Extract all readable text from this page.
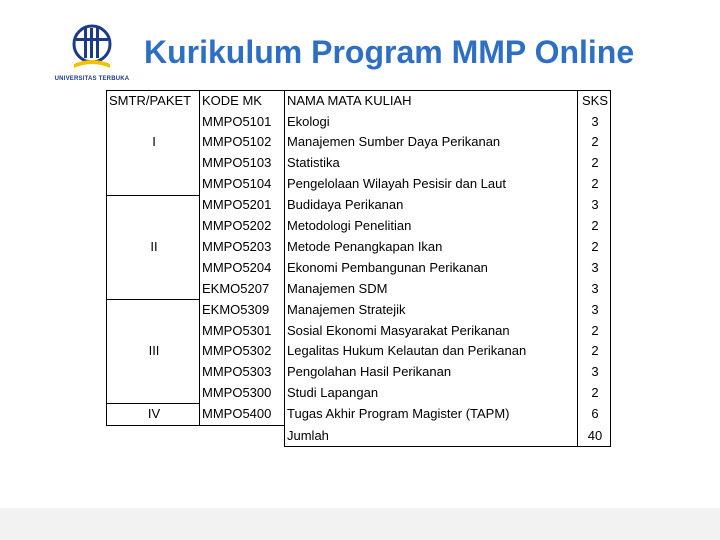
UNIVERSITAS TERBUKA
Kurikulum Program MMP Online
SMTR/PAKET	KODE MK	NAMA MATA KULIAH	SKS
	MMPO5101	Ekologi	3
I	MMPO5102	Manajemen Sumber Daya Perikanan	2
	MMPO5103	Statistika	2
	MMPO5104	Pengelolaan Wilayah Pesisir dan Laut	2
	MMPO5201	Budidaya Perikanan	3
	MMPO5202	Metodologi Penelitian	2
II	MMPO5203	Metode Penangkapan Ikan	2
	MMPO5204	Ekonomi Pembangunan Perikanan	3
	EKMO5207	Manajemen SDM	3
	EKMO5309	Manajemen Stratejik	3
	MMPO5301	Sosial Ekonomi Masyarakat Perikanan	2
III	MMPO5302	Legalitas Hukum Kelautan dan Perikanan	2
	MMPO5303	Pengolahan Hasil Perikanan	3
	MMPO5300	Studi Lapangan	2
IV	MMPO5400	Tugas Akhir Program Magister (TAPM)	6
		Jumlah	40
